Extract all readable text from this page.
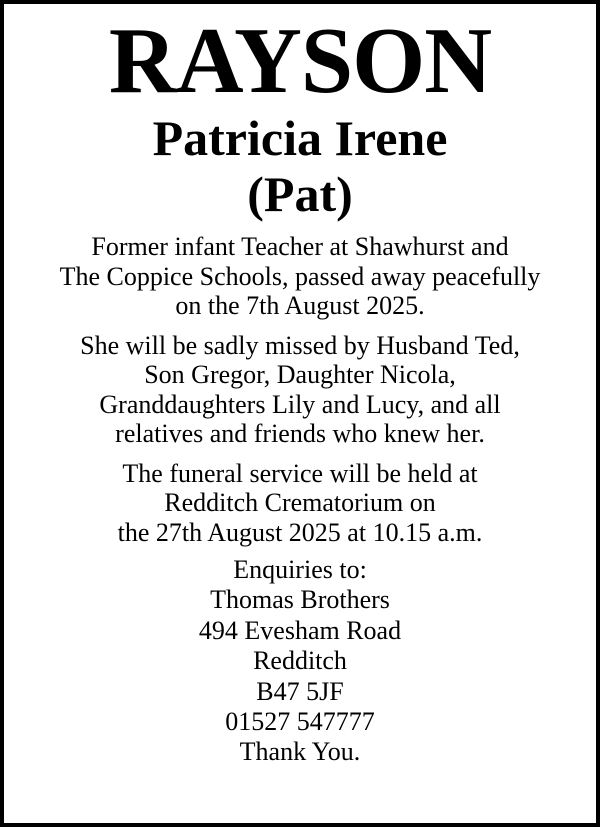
RAYSON
Patricia Irene
(Pat)

Former infant Teacher at Shawhurst and
The Coppice Schools, passed away peacefully
on the 7th August 2025.

She will be sadly missed by Husband Ted,
Son Gregor, Daughter Nicola,
Granddaughters Lily and Lucy, and all
relatives and friends who knew her.

The funeral service will be held at
Redditch Crematorium on
the 27th August 2025 at 10.15 a.m.

Enquiries to:
Thomas Brothers
494 Evesham Road
Redditch
B47 5JF
01527 547777
Thank You.
